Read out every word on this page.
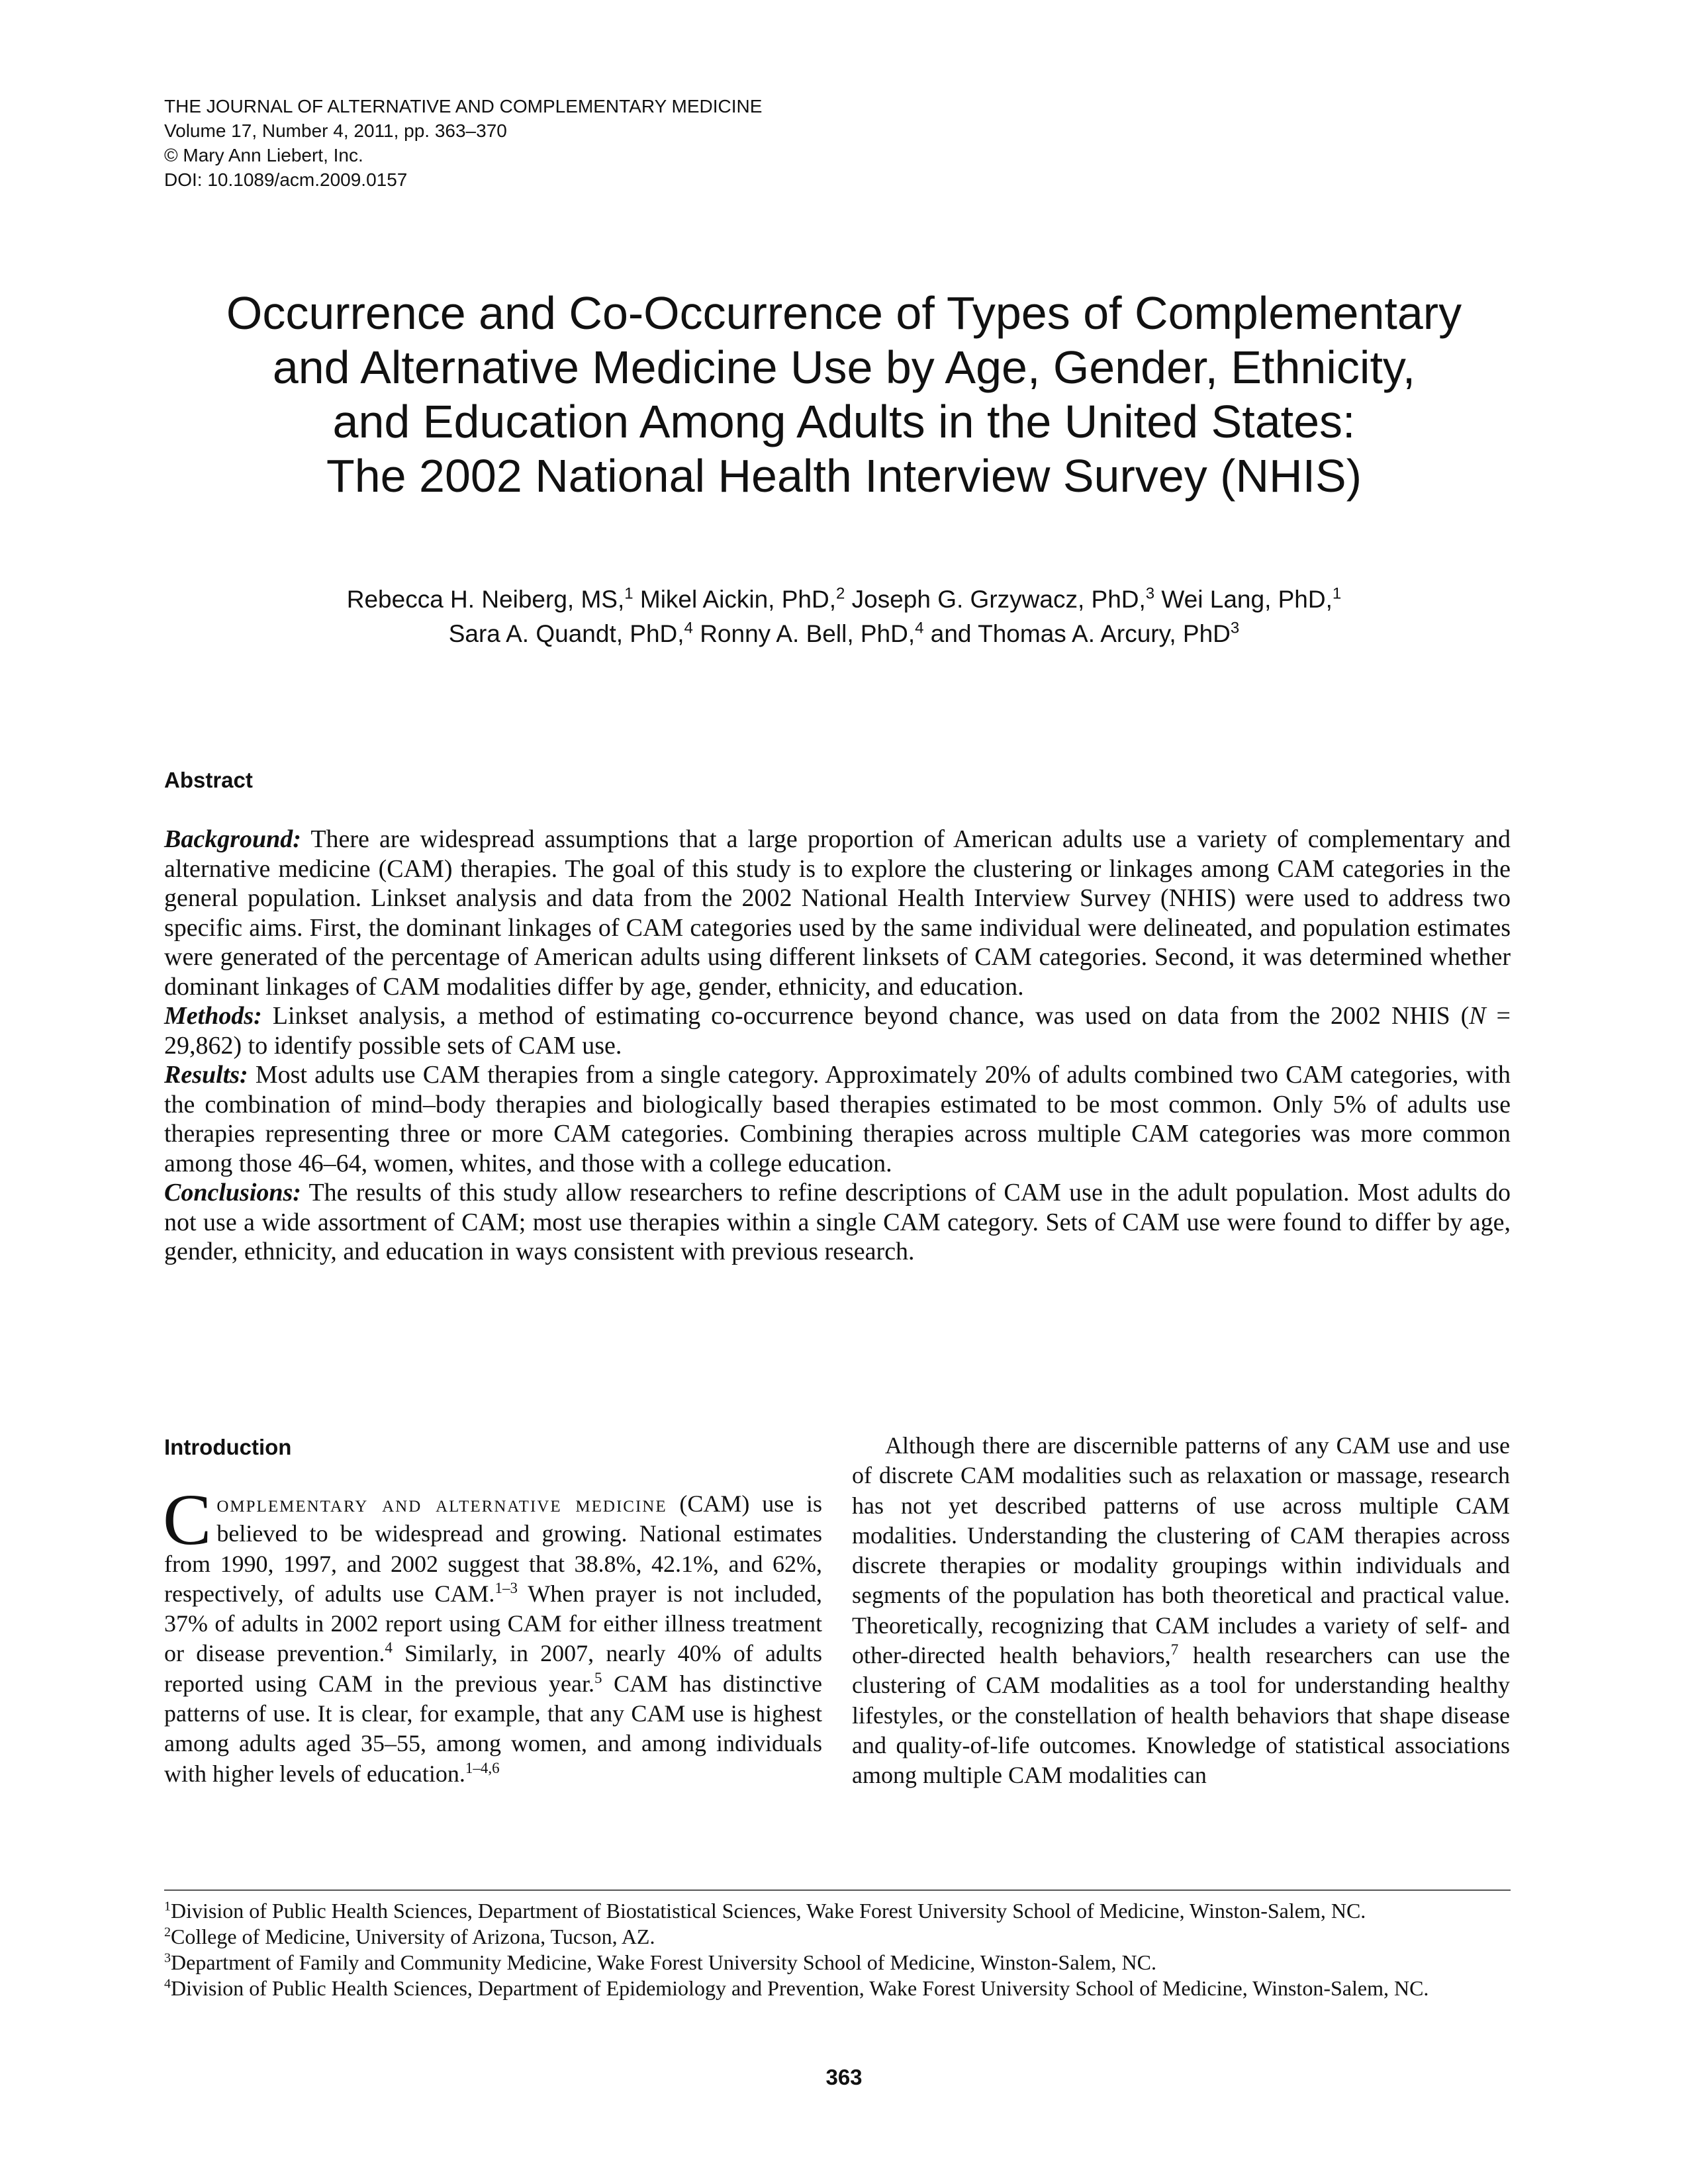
THE JOURNAL OF ALTERNATIVE AND COMPLEMENTARY MEDICINE
Volume 17, Number 4, 2011, pp. 363–370
© Mary Ann Liebert, Inc.
DOI: 10.1089/acm.2009.0157
Occurrence and Co-Occurrence of Types of Complementary
and Alternative Medicine Use by Age, Gender, Ethnicity,
and Education Among Adults in the United States:
The 2002 National Health Interview Survey (NHIS)
Rebecca H. Neiberg, MS,$^1$ Mikel Aickin, PhD,$^2$ Joseph G. Grzywacz, PhD,$^3$ Wei Lang, PhD,$^1$
Sara A. Quandt, PhD,$^4$ Ronny A. Bell, PhD,$^4$ and Thomas A. Arcury, PhD$^3$
Abstract

Background: There are widespread assumptions that a large proportion of American adults use a variety of complementary and alternative medicine (CAM) therapies. The goal of this study is to explore the clustering or linkages among CAM categories in the general population. Linkset analysis and data from the 2002 National Health Interview Survey (NHIS) were used to address two specific aims. First, the dominant linkages of CAM categories used by the same individual were delineated, and population estimates were generated of the percentage of American adults using different linksets of CAM categories. Second, it was determined whether dominant linkages of CAM modalities differ by age, gender, ethnicity, and education.

Methods: Linkset analysis, a method of estimating co-occurrence beyond chance, was used on data from the 2002 NHIS (N = 29,862) to identify possible sets of CAM use.

Results: Most adults use CAM therapies from a single category. Approximately 20% of adults combined two CAM categories, with the combination of mind–body therapies and biologically based therapies estimated to be most common. Only 5% of adults use therapies representing three or more CAM categories. Combining therapies across multiple CAM categories was more common among those 46–64, women, whites, and those with a college education.

Conclusions: The results of this study allow researchers to refine descriptions of CAM use in the adult population. Most adults do not use a wide assortment of CAM; most use therapies within a single CAM category. Sets of CAM use were found to differ by age, gender, ethnicity, and education in ways consistent with previous research.

Introduction

Complementary and alternative medicine (CAM) use is believed to be widespread and growing. National estimates from 1990, 1997, and 2002 suggest that 38.8%, 42.1%, and 62%, respectively, of adults use CAM.$^{1-3}$ When prayer is not included, 37% of adults in 2002 report using CAM for either illness treatment or disease prevention.$^4$ Similarly, in 2007, nearly 40% of adults reported using CAM in the previous year.$^5$ CAM has distinctive patterns of use. It is clear, for example, that any CAM use is highest among adults aged 35–55, among women, and among individuals with higher levels of education.$^{1-4,6}$

Although there are discernible patterns of any CAM use and use of discrete CAM modalities such as relaxation or massage, research has not yet described patterns of use across multiple CAM modalities. Understanding the clustering of CAM therapies across discrete therapies or modality groupings within individuals and segments of the population has both theoretical and practical value. Theoretically, recognizing that CAM includes a variety of self- and other-directed health behaviors,$^7$ health researchers can use the clustering of CAM modalities as a tool for understanding healthy lifestyles, or the constellation of health behaviors that shape disease and quality-of-life outcomes. Knowledge of statistical associations among multiple CAM modalities can

$^1$Division of Public Health Sciences, Department of Biostatistical Sciences, Wake Forest University School of Medicine, Winston-Salem, NC.
$^2$College of Medicine, University of Arizona, Tucson, AZ.
$^3$Department of Family and Community Medicine, Wake Forest University School of Medicine, Winston-Salem, NC.
$^4$Division of Public Health Sciences, Department of Epidemiology and Prevention, Wake Forest University School of Medicine, Winston-Salem, NC.
363
